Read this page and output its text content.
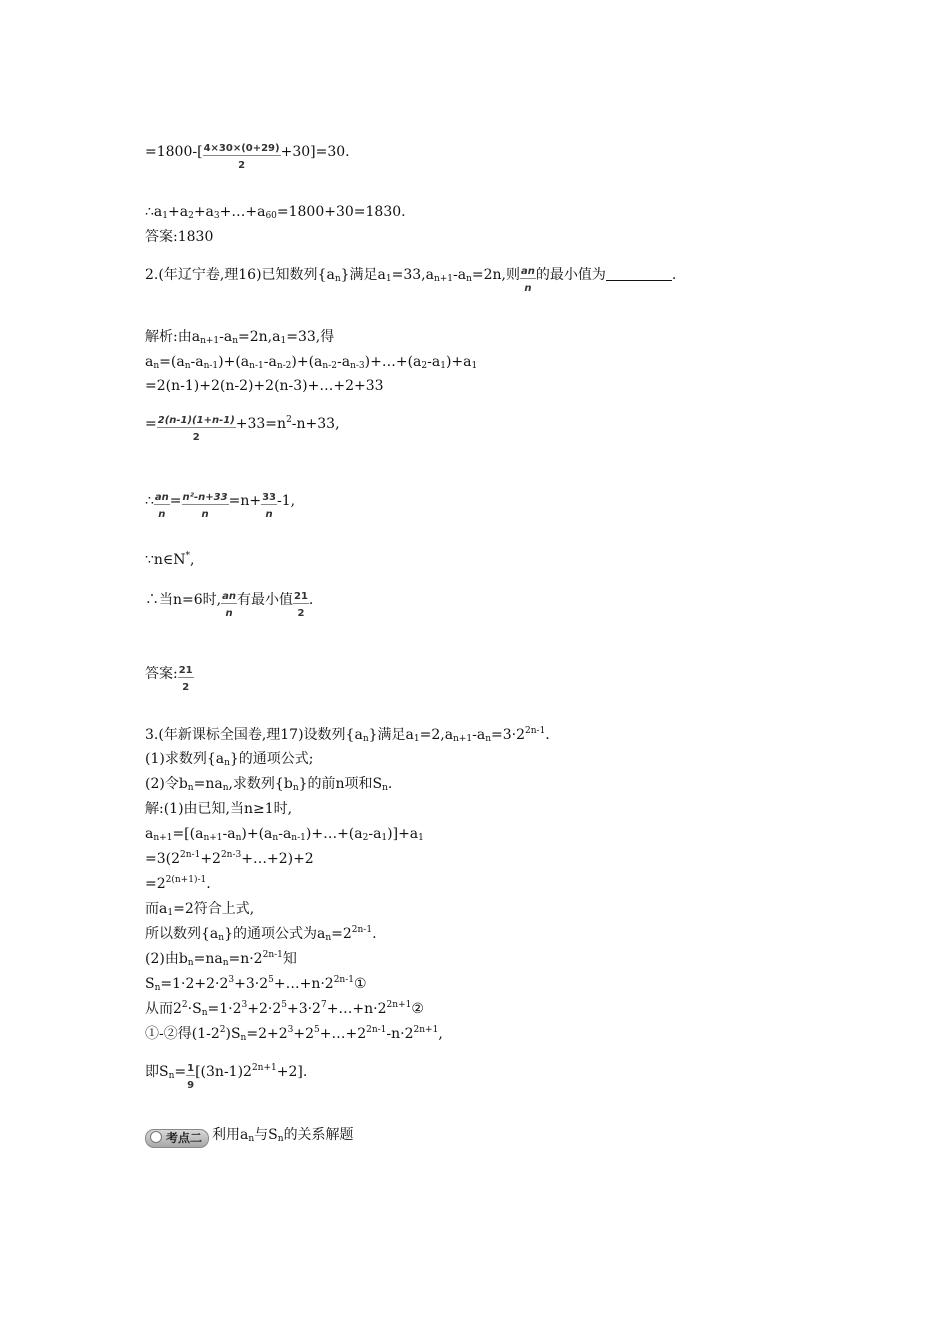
$=1800-[ \frac{4\times 30\times(0+29)}{2} +30]=30$.
$\therefore a_1+a_2+a_3+\dots+a_{60}=1800+30=1830$.
答案:1830
2.(年辽宁卷,理16)已知数列$\{a_n\}$满足$a_1=33,a_{n+1}-a_n=2n$,则 $\frac{an}{n}$ 的最小值为	.
解析:由$a_{n+1}-a_n=2n,a_1=33$,得
$a_n=(a_n-a_{n-1})+(a_{n-1}-a_{n-2})+(a_{n-2}-a_{n-3})+\dots+(a_2-a_1)+a_1$
=2(n-1)+2(n-2)+2(n-3)+…+2+33
= $\frac{2(n-1)(1+n-1)}{2} +33=n^2-n+33$,
∴ $\frac{an}{n} = \frac{\text{n²-n+33}}{n} =n+ \frac{33}{n} -1$,
∵n∈N*,
∴当n=6时, $\frac{an}{n}$ 有最小值 $\frac{21}{2}$ .
答案: $\frac{21}{2}$
3.(年新课标全国卷,理17)设数列$\{a_n\}$满足$a_1=2,a_{n+1}-a_n=3\cdot 2^{2n-1}$.
(1)求数列$\{a_n\}$的通项公式;
(2)令$b_n=na_n$,求数列$\{b_n\}$的前n项和$S_n$.
解:(1)由已知,当n≥1时,
$a_{n+1}=[(a_{n+1}-a_n)+(a_n-a_{n-1})+\dots+(a_2-a_1)]+a_1$
$=3(2^{2n-1}+2^{2n-3}+\dots+2)+2$
$=2^{2(n+1)-1}$.
而$a_1=2$符合上式,
所以数列$\{a_n\}$的通项公式为$a_n=2^{2n-1}$.
(2)由$b_n=na_n=n\cdot 2^{2n-1}$知
$S_n=1\cdot 2+2\cdot 2^3+3\cdot 2^5+\dots+n\cdot 2^{2n-1}①$
从而$2^2\cdot S_n=1\cdot 2^3+2\cdot 2^5+3\cdot 2^7+\dots+n\cdot 2^{2n+1}②$
①-②得$(1-2^2)S_n=2+2^3+2^5+\dots+2^{2n-1}-n\cdot 2^{2n+1}$,
即$S_n= \frac{1}{9} [(3n-1)2^{2n+1}+2]$.
考点二 利用$a_n$与$S_n$的关系解题
